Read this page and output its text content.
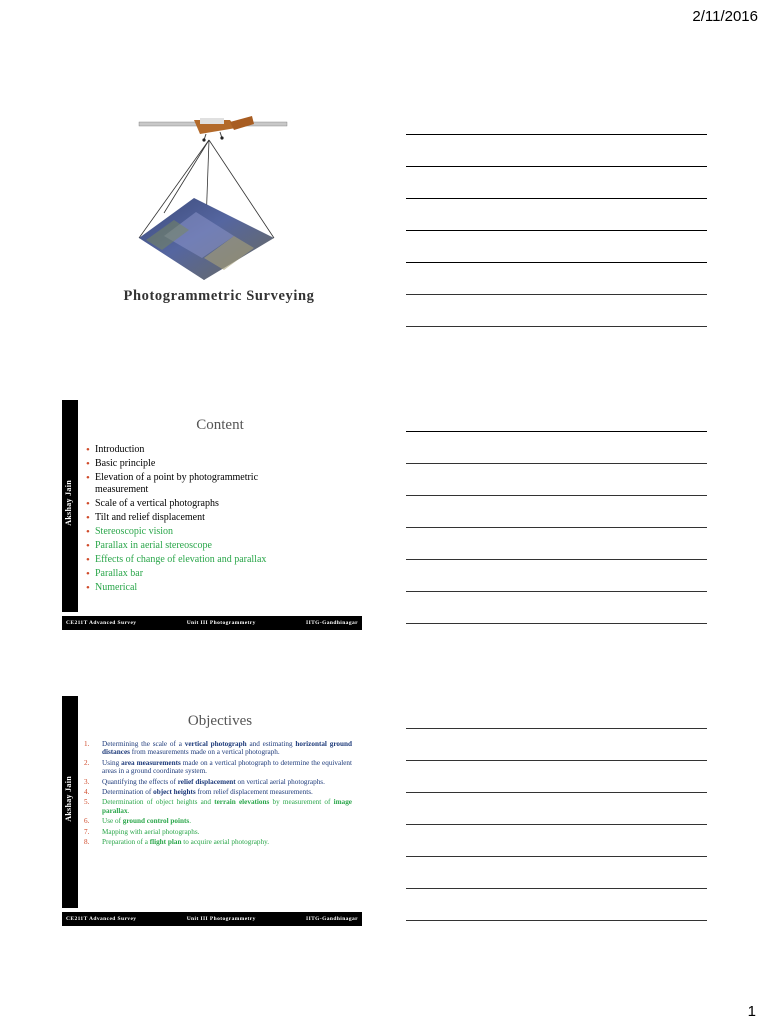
2/11/2016
Photogrammetric Surveying
Akshay Jain
Content
• Introduction
• Basic principle
• Elevation of a point by photogrammetric measurement
• Scale of a vertical photographs
• Tilt and relief displacement
• Stereoscopic vision
• Parallax in aerial stereoscope
• Effects of change of elevation and parallax
• Parallax bar
• Numerical
CE211T Advanced Survey	Unit III Photogrammetry	IITG-Gandhinagar
Akshay Jain
Objectives
1.	Determining the scale of a vertical photograph and estimating horizontal ground distances from measurements made on a vertical photograph.
2.	Using area measurements made on a vertical photograph to determine the equivalent areas in a ground coordinate system.
3.	Quantifying the effects of relief displacement on vertical aerial photographs.
4.	Determination of object heights from relief displacement measurements.
5.	Determination of object heights and terrain elevations by measurement of image parallax.
6.	Use of ground control points.
7.	Mapping with aerial photographs.
8.	Preparation of a flight plan to acquire aerial photography.
CE211T Advanced Survey	Unit III Photogrammetry	IITG-Gandhinagar
1
